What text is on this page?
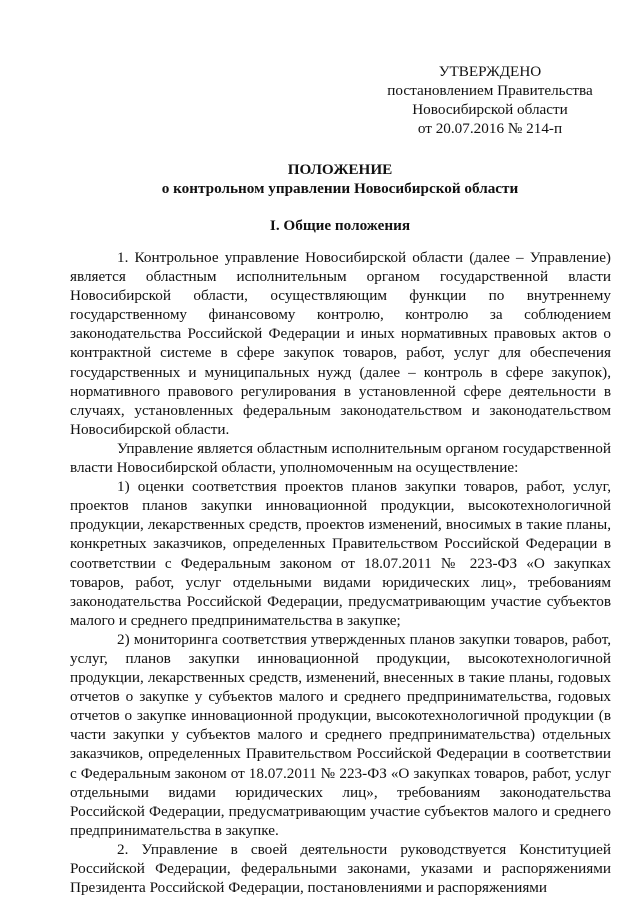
УТВЕРЖДЕНО
постановлением Правительства
Новосибирской области
от 20.07.2016 № 214-п
ПОЛОЖЕНИЕ
о контрольном управлении Новосибирской области
I. Общие положения

1. Контрольное управление Новосибирской области (далее – Управление) является областным исполнительным органом государственной власти Новосибирской области, осуществляющим функции по внутреннему государственному финансовому контролю, контролю за соблюдением законодательства Российской Федерации и иных нормативных правовых актов о контрактной системе в сфере закупок товаров, работ, услуг для обеспечения государственных и муниципальных нужд (далее – контроль в сфере закупок), нормативного правового регулирования в установленной сфере деятельности в случаях, установленных федеральным законодательством и законодательством Новосибирской области.

Управление является областным исполнительным органом государственной власти Новосибирской области, уполномоченным на осуществление:

1) оценки соответствия проектов планов закупки товаров, работ, услуг, проектов планов закупки инновационной продукции, высокотехнологичной продукции, лекарственных средств, проектов изменений, вносимых в такие планы, конкретных заказчиков, определенных Правительством Российской Федерации в соответствии с Федеральным законом от 18.07.2011 № 223-ФЗ «О закупках товаров, работ, услуг отдельными видами юридических лиц», требованиям законодательства Российской Федерации, предусматривающим участие субъектов малого и среднего предпринимательства в закупке;

2) мониторинга соответствия утвержденных планов закупки товаров, работ, услуг, планов закупки инновационной продукции, высокотехнологичной продукции, лекарственных средств, изменений, внесенных в такие планы, годовых отчетов о закупке у субъектов малого и среднего предпринимательства, годовых отчетов о закупке инновационной продукции, высокотехнологичной продукции (в части закупки у субъектов малого и среднего предпринимательства) отдельных заказчиков, определенных Правительством Российской Федерации в соответствии с Федеральным законом от 18.07.2011 № 223-ФЗ «О закупках товаров, работ, услуг отдельными видами юридических лиц», требованиям законодательства Российской Федерации, предусматривающим участие субъектов малого и среднего предпринимательства в закупке.

2. Управление в своей деятельности руководствуется Конституцией Российской Федерации, федеральными законами, указами и распоряжениями Президента Российской Федерации, постановлениями и распоряжениями
